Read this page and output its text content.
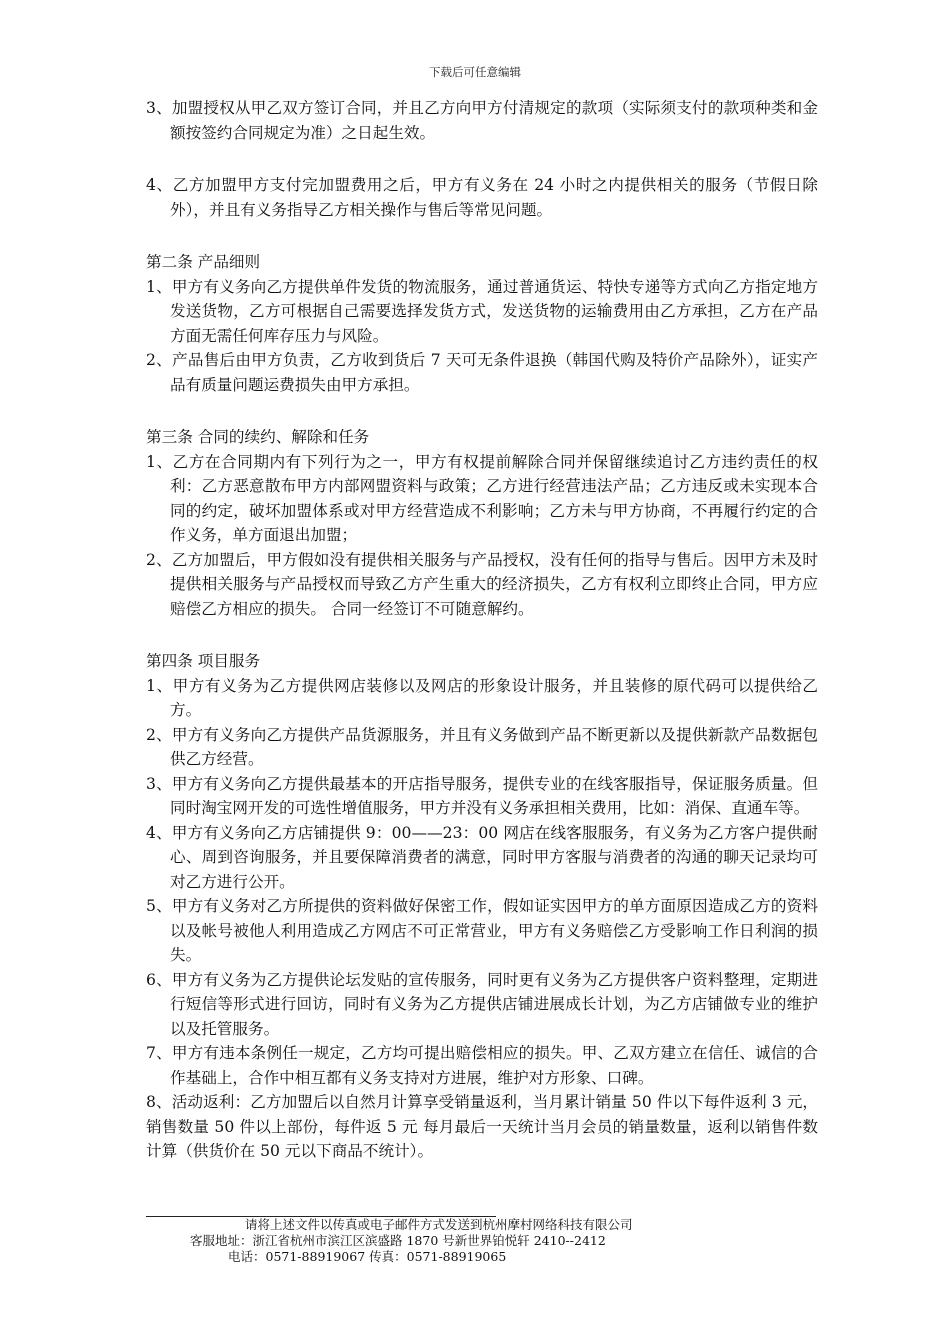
下载后可任意编辑

3、加盟授权从甲乙双方签订合同，并且乙方向甲方付清规定的款项（实际须支付的款项种类和金额按签约合同规定为准）之日起生效。

4、乙方加盟甲方支付完加盟费用之后，甲方有义务在 24 小时之内提供相关的服务（节假日除外），并且有义务指导乙方相关操作与售后等常见问题。

第二条 产品细则

1、甲方有义务向乙方提供单件发货的物流服务，通过普通货运、特快专递等方式向乙方指定地方发送货物，乙方可根据自己需要选择发货方式，发送货物的运输费用由乙方承担，乙方在产品方面无需任何库存压力与风险。

2、产品售后由甲方负责，乙方收到货后 7 天可无条件退换（韩国代购及特价产品除外），证实产品有质量问题运费损失由甲方承担。

第三条 合同的续约、解除和任务

1、乙方在合同期内有下列行为之一，甲方有权提前解除合同并保留继续追讨乙方违约责任的权利：乙方恶意散布甲方内部网盟资料与政策；乙方进行经营违法产品；乙方违反或未实现本合同的约定，破坏加盟体系或对甲方经营造成不利影响；乙方未与甲方协商，不再履行约定的合作义务，单方面退出加盟；

2、乙方加盟后，甲方假如没有提供相关服务与产品授权，没有任何的指导与售后。因甲方未及时提供相关服务与产品授权而导致乙方产生重大的经济损失，乙方有权利立即终止合同，甲方应赔偿乙方相应的损失。 合同一经签订不可随意解约。

第四条 项目服务

1、甲方有义务为乙方提供网店装修以及网店的形象设计服务，并且装修的原代码可以提供给乙方。

2、甲方有义务向乙方提供产品货源服务，并且有义务做到产品不断更新以及提供新款产品数据包供乙方经营。

3、甲方有义务向乙方提供最基本的开店指导服务，提供专业的在线客服指导，保证服务质量。但同时淘宝网开发的可选性增值服务，甲方并没有义务承担相关费用，比如：消保、直通车等。

4、甲方有义务向乙方店铺提供 9：00——23：00 网店在线客服服务，有义务为乙方客户提供耐心、周到咨询服务，并且要保障消费者的满意，同时甲方客服与消费者的沟通的聊天记录均可对乙方进行公开。

5、甲方有义务对乙方所提供的资料做好保密工作，假如证实因甲方的单方面原因造成乙方的资料以及帐号被他人利用造成乙方网店不可正常营业，甲方有义务赔偿乙方受影响工作日利润的损失。

6、甲方有义务为乙方提供论坛发贴的宣传服务，同时更有义务为乙方提供客户资料整理，定期进行短信等形式进行回访，同时有义务为乙方提供店铺进展成长计划，为乙方店铺做专业的维护以及托管服务。

7、甲方有违本条例任一规定，乙方均可提出赔偿相应的损失。甲、乙双方建立在信任、诚信的合作基础上，合作中相互都有义务支持对方进展，维护对方形象、口碑。

8、活动返利：乙方加盟后以自然月计算享受销量返利，当月累计销量 50 件以下每件返利 3 元，销售数量 50 件以上部份，每件返 5 元 每月最后一天统计当月会员的销量数量，返利以销售件数计算（供货价在 50 元以下商品不统计）。

请将上述文件以传真或电子邮件方式发送到杭州摩村网络科技有限公司
客服地址：浙江省杭州市滨江区滨盛路 1870 号新世界铂悦轩 2410--2412
电话：0571-88919067 传真：0571-88919065
